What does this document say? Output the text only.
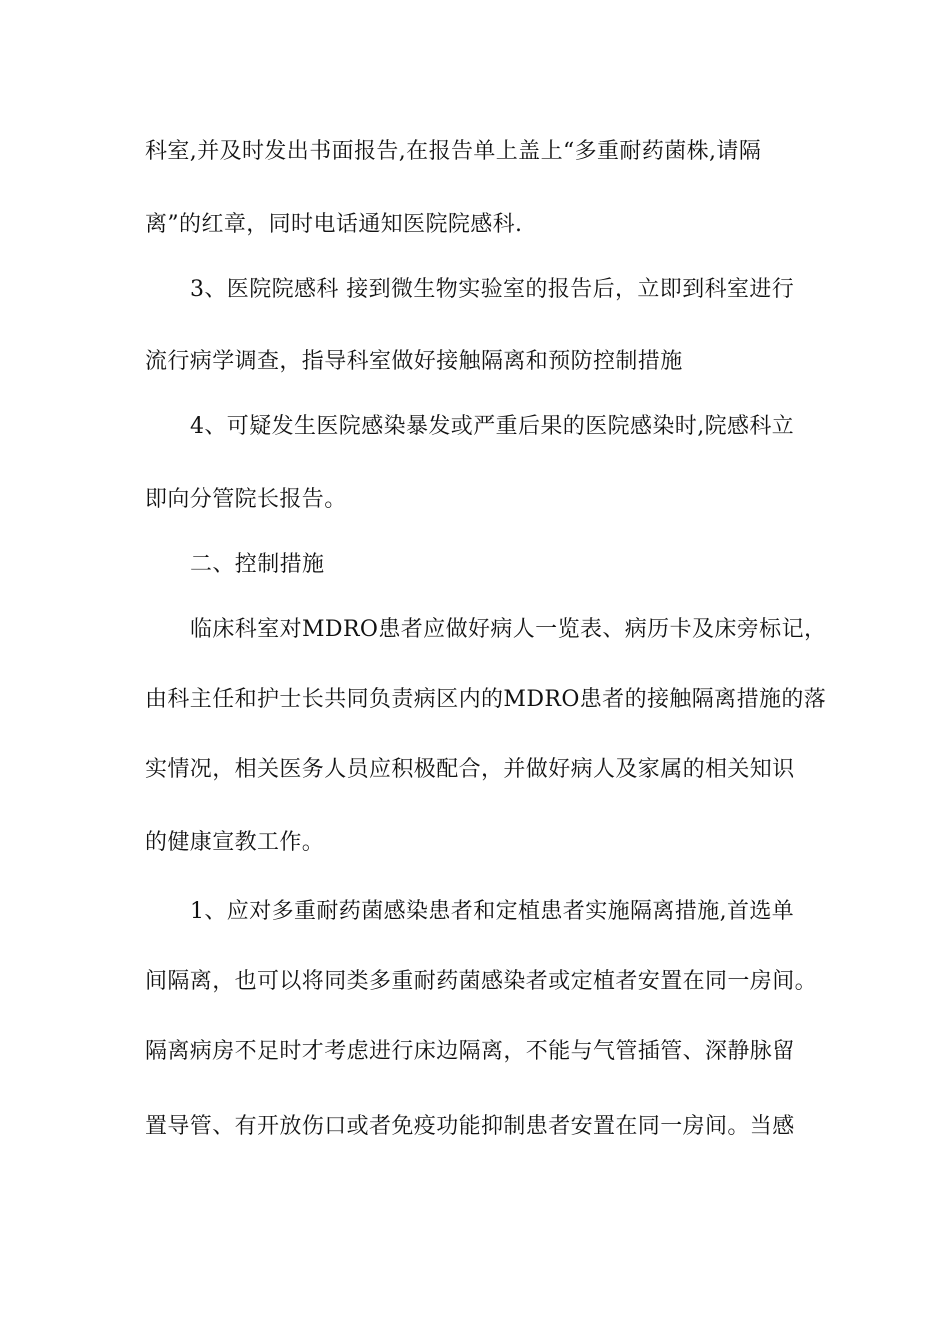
科室,并及时发出书面报告,在报告单上盖上“多重耐药菌株,请隔
离”的红章，同时电话通知医院院感科.
3、医院院感科 接到微生物实验室的报告后，立即到科室进行
流行病学调查，指导科室做好接触隔离和预防控制措施
4、可疑发生医院感染暴发或严重后果的医院感染时,院感科立
即向分管院长报告。
二、控制措施
临床科室对MDRO患者应做好病人一览表、病历卡及床旁标记，
由科主任和护士长共同负责病区内的MDRO患者的接触隔离措施的落
实情况，相关医务人员应积极配合，并做好病人及家属的相关知识
的健康宣教工作。
1、应对多重耐药菌感染患者和定植患者实施隔离措施,首选单
间隔离，也可以将同类多重耐药菌感染者或定植者安置在同一房间。
隔离病房不足时才考虑进行床边隔离，不能与气管插管、深静脉留
置导管、有开放伤口或者免疫功能抑制患者安置在同一房间。当感
